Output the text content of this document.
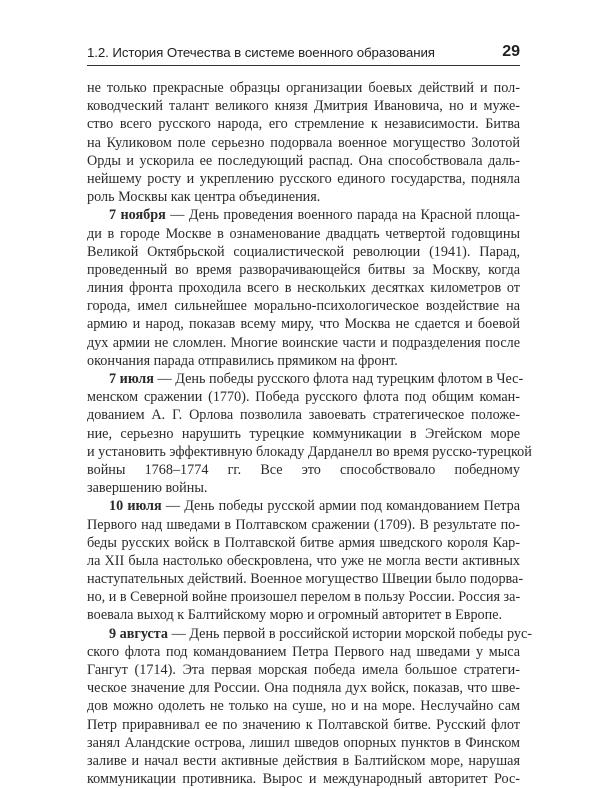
1.2. История Отечества в системе военного образования	29
не только прекрасные образцы организации боевых действий и пол-
ководческий талант великого князя Дмитрия Ивановича, но и муже-
ство всего русского народа, его стремление к независимости. Битва
на Куликовом поле серьезно подорвала военное могущество Золотой
Орды и ускорила ее последующий распад. Она способствовала даль-
нейшему росту и укреплению русского единого государства, подняла
роль Москвы как центра объединения.
7 ноября — День проведения военного парада на Красной площа-
ди в городе Москве в ознаменование двадцать четвертой годовщины
Великой Октябрьской социалистической революции (1941). Парад,
проведенный во время разворачивающейся битвы за Москву, когда
линия фронта проходила всего в нескольких десятках километров от
города, имел сильнейшее морально-психологическое воздействие на
армию и народ, показав всему миру, что Москва не сдается и боевой
дух армии не сломлен. Многие воинские части и подразделения после
окончания парада отправились прямиком на фронт.
7 июля — День победы русского флота над турецким флотом в Чес-
менском сражении (1770). Победа русского флота под общим коман-
дованием А. Г. Орлова позволила завоевать стратегическое положе-
ние, серьезно нарушить турецкие коммуникации в Эгейском море
и установить эффективную блокаду Дарданелл во время русско-турецкой
войны 1768–1774 гг. Все это способствовало победному
завершению войны.
10 июля — День победы русской армии под командованием Петра
Первого над шведами в Полтавском сражении (1709). В результате по-
беды русских войск в Полтавской битве армия шведского короля Кар-
ла XII была настолько обескровлена, что уже не могла вести активных
наступательных действий. Военное могущество Швеции было подорва-
но, и в Северной войне произошел перелом в пользу России. Россия за-
воевала выход к Балтийскому морю и огромный авторитет в Европе.
9 августа — День первой в российской истории морской победы рус-
ского флота под командованием Петра Первого над шведами у мыса
Гангут (1714). Эта первая морская победа имела большое стратеги-
ческое значение для России. Она подняла дух войск, показав, что шве-
дов можно одолеть не только на суше, но и на море. Неслучайно сам
Петр приравнивал ее по значению к Полтавской битве. Русский флот
занял Аландские острова, лишил шведов опорных пунктов в Финском
заливе и начал вести активные действия в Балтийском море, нарушая
коммуникации противника. Вырос и международный авторитет Рос-
